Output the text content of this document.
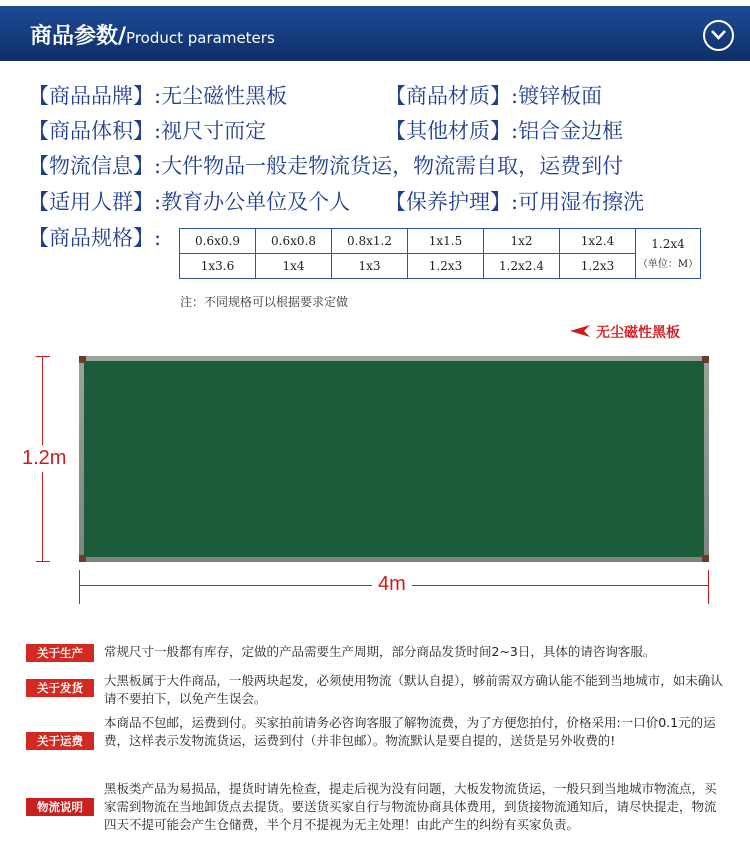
商品参数/Product parameters
【商品品牌】:无尘磁性黑板	【商品材质】:镀锌板面
【商品体积】:视尺寸而定	【其他材质】:铝合金边框
【物流信息】:大件物品一般走物流货运，物流需自取，运费到付
【适用人群】:教育办公单位及个人 【保养护理】:可用湿布擦洗
【商品规格】:	0.6x0.9	0.6x0.8	0.8x1.2	1x1.5	1x2	1x2.4	1.2x4
（单位：M）

1x3.6	1x4	1x3	1.2x3	1.2x2.4	1.2x3	
注：不同规格可以根据要求定做
无尘磁性黑板
1.2m
4m
关于生产	常规尺寸一般都有库存，定做的产品需要生产周期，部分商品发货时间2~3日，具体的请咨询客服。
关于发货	大黑板属于大件商品，一般两块起发，必须使用物流（默认自提），够前需双方确认能不能到当地城市，如未确认请不要拍下，以免产生误会。
关于运费
本商品不包邮，运费到付。买家拍前请务必咨询客服了解物流费，为了方便您拍付，价格采用:一口价0.1元的运费，这样表示发物流货运，运费到付（并非包邮）。物流默认是要自提的，送货是另外收费的!
物流说明
黑板类产品为易损品，提货时请先检查，提走后视为没有问题，大板发物流货运，一般只到当地城市物流点，买家需到物流在当地卸货点去提货。要送货买家自行与物流协商具体费用，到货接物流通知后，请尽快提走，物流四天不提可能会产生仓储费，半个月不提视为无主处理！由此产生的纠纷有买家负责。
